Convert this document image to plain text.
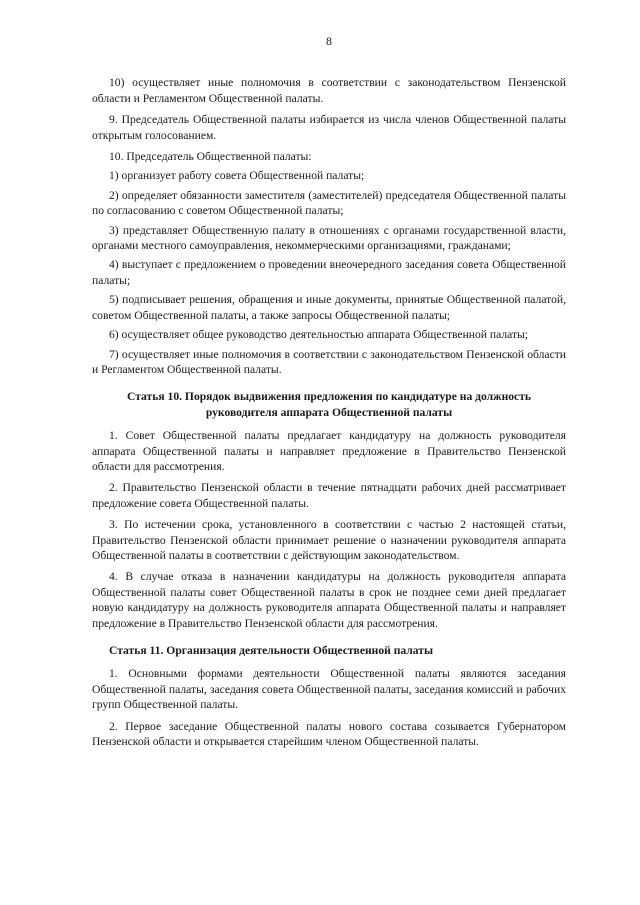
8

10) осуществляет иные полномочия в соответствии с законодательством Пензенской области и Регламентом Общественной палаты.

9. Председатель Общественной палаты избирается из числа членов Общественной палаты открытым голосованием.

10. Председатель Общественной палаты:

1) организует работу совета Общественной палаты;

2) определяет обязанности заместителя (заместителей) председателя Общественной палаты по согласованию с советом Общественной палаты;

3) представляет Общественную палату в отношениях с органами государственной власти, органами местного самоуправления, некоммерческими организациями, гражданами;

4) выступает с предложением о проведении внеочередного заседания совета Общественной палаты;

5) подписывает решения, обращения и иные документы, принятые Общественной палатой, советом Общественной палаты, а также запросы Общественной палаты;

6) осуществляет общее руководство деятельностью аппарата Общественной палаты;

7) осуществляет иные полномочия в соответствии с законодательством Пензенской области и Регламентом Общественной палаты.

Статья 10. Порядок выдвижения предложения по кандидатуре на должность руководителя аппарата Общественной палаты

1. Совет Общественной палаты предлагает кандидатуру на должность руководителя аппарата Общественной палаты и направляет предложение в Правительство Пензенской области для рассмотрения.

2. Правительство Пензенской области в течение пятнадцати рабочих дней рассматривает предложение совета Общественной палаты.

3. По истечении срока, установленного в соответствии с частью 2 настоящей статьи, Правительство Пензенской области принимает решение о назначении руководителя аппарата Общественной палаты в соответствии с действующим законодательством.

4. В случае отказа в назначении кандидатуры на должность руководителя аппарата Общественной палаты совет Общественной палаты в срок не позднее семи дней предлагает новую кандидатуру на должность руководителя аппарата Общественной палаты и направляет предложение в Правительство Пензенской области для рассмотрения.

Статья 11. Организация деятельности Общественной палаты

1. Основными формами деятельности Общественной палаты являются заседания Общественной палаты, заседания совета Общественной палаты, заседания комиссий и рабочих групп Общественной палаты.

2. Первое заседание Общественной палаты нового состава созывается Губернатором Пензенской области и открывается старейшим членом Общественной палаты.
